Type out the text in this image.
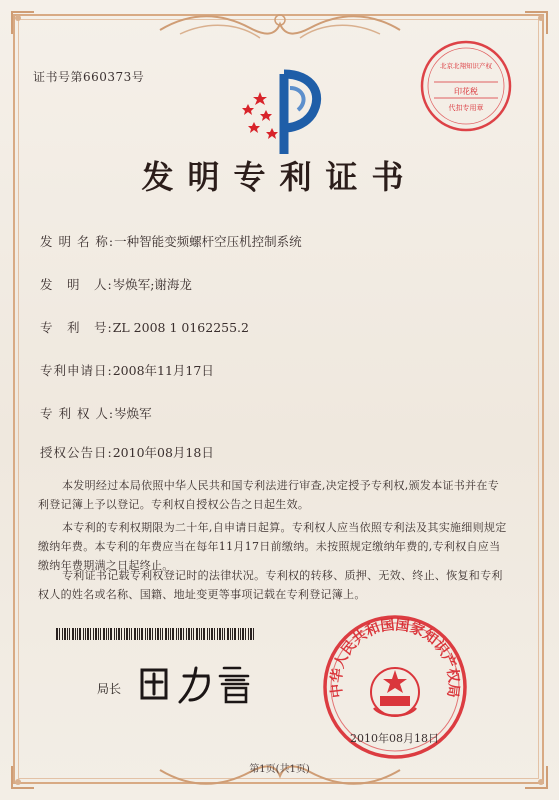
证书号第660373号
印花税
代扣专用章
北京北翔知识产权
发明专利证书
发 明 名 称:一种智能变频螺杆空压机控制系统
发　明　人:岑焕军;谢海龙
专　利　号:ZL 2008 1 0162255.2
专利申请日:2008年11月17日
专 利 权 人:岑焕军
授权公告日:2010年08月18日
本发明经过本局依照中华人民共和国专利法进行审查,决定授予专利权,颁发本证书并在专利登记簿上予以登记。专利权自授权公告之日起生效。
本专利的专利权期限为二十年,自申请日起算。专利权人应当依照专利法及其实施细则规定缴纳年费。本专利的年费应当在每年11月17日前缴纳。未按照规定缴纳年费的,专利权自应当缴纳年费期满之日起终止。
专利证书记载专利权登记时的法律状况。专利权的转移、质押、无效、终止、恢复和专利权人的姓名或名称、国籍、地址变更等事项记载在专利登记簿上。
局长	中华人民共和国国家知识产权局
2010年08月18日
第1页(共1页)
